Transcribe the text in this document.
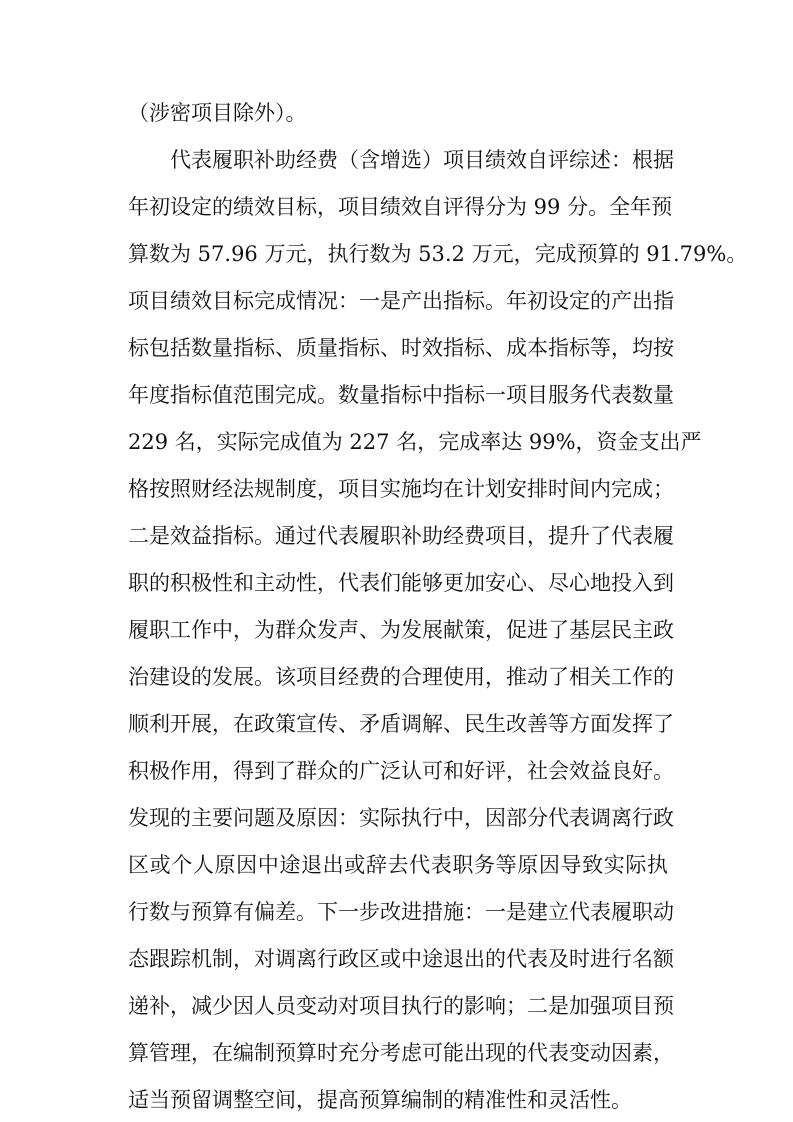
（涉密项目除外）。
代表履职补助经费（含增选）项目绩效自评综述：根据
年初设定的绩效目标，项目绩效自评得分为 99 分。全年预
算数为 57.96 万元，执行数为 53.2 万元，完成预算的 91.79%。
项目绩效目标完成情况：一是产出指标。年初设定的产出指
标包括数量指标、质量指标、时效指标、成本指标等，均按
年度指标值范围完成。数量指标中指标一项目服务代表数量
229 名，实际完成值为 227 名，完成率达 99%，资金支出严
格按照财经法规制度，项目实施均在计划安排时间内完成；
二是效益指标。通过代表履职补助经费项目，提升了代表履
职的积极性和主动性，代表们能够更加安心、尽心地投入到
履职工作中，为群众发声、为发展献策，促进了基层民主政
治建设的发展。该项目经费的合理使用，推动了相关工作的
顺利开展，在政策宣传、矛盾调解、民生改善等方面发挥了
积极作用，得到了群众的广泛认可和好评，社会效益良好。
发现的主要问题及原因：实际执行中，因部分代表调离行政
区或个人原因中途退出或辞去代表职务等原因导致实际执
行数与预算有偏差。下一步改进措施：一是建立代表履职动
态跟踪机制，对调离行政区或中途退出的代表及时进行名额
递补，减少因人员变动对项目执行的影响；二是加强项目预
算管理，在编制预算时充分考虑可能出现的代表变动因素，
适当预留调整空间，提高预算编制的精准性和灵活性。
